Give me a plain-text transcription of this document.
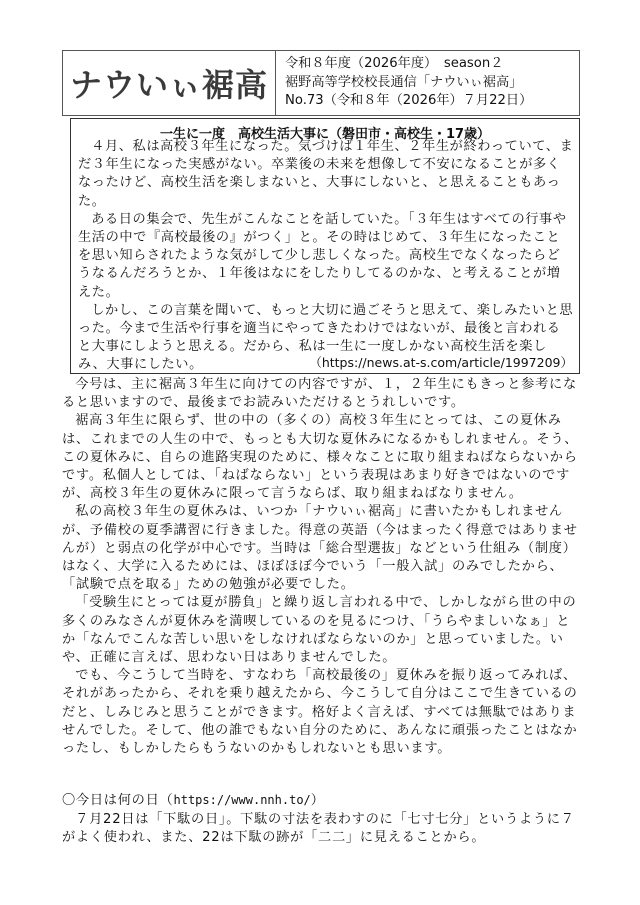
ナウいぃ裾高
令和８年度（2026年度）　season２
裾野高等学校校長通信「ナウいぃ裾高」
No.73（令和８年（2026年）７月22日）
一生に一度　高校生活大事に（磐田市・高校生・17歳）

４月、私は高校３年生になった。気づけば１年生、２年生が終わっていて、まだ３年生になった実感がない。卒業後の未来を想像して不安になることが多くなったけど、高校生活を楽しまないと、大事にしないと、と思えることもあった。

ある日の集会で、先生がこんなことを話していた。「３年生はすべての行事や生活の中で『高校最後の』がつく」と。その時はじめて、３年生になったことを思い知らされたような気がして少し悲しくなった。高校生でなくなったらどうなるんだろうとか、１年後はなにをしたりしてるのかな、と考えることが増えた。

しかし、この言葉を聞いて、もっと大切に過ごそうと思えて、楽しみたいと思った。今まで生活や行事を適当にやってきたわけではないが、最後と言われると大事にしようと思える。だから、私は一生に一度しかない高校生活を楽しみ、大事にしたい。	（https://news.at-s.com/article/1997209）

今号は、主に裾高３年生に向けての内容ですが、１，２年生にもきっと参考になると思いますので、最後までお読みいただけるとうれしいです。

裾高３年生に限らず、世の中の（多くの）高校３年生にとっては、この夏休みは、これまでの人生の中で、もっとも大切な夏休みになるかもしれません。そう、この夏休みに、自らの進路実現のために、様々なことに取り組まねばならないからです。私個人としては、「ねばならない」という表現はあまり好きではないのですが、高校３年生の夏休みに限って言うならば、取り組まねばなりません。

私の高校３年生の夏休みは、いつか「ナウいぃ裾高」に書いたかもしれませんが、予備校の夏季講習に行きました。得意の英語（今はまったく得意ではありませんが）と弱点の化学が中心です。当時は「総合型選抜」などという仕組み（制度）はなく、大学に入るためには、ほぼほぼ今でいう「一般入試」のみでしたから、「試験で点を取る」ための勉強が必要でした。

「受験生にとっては夏が勝負」と繰り返し言われる中で、しかしながら世の中の多くのみなさんが夏休みを満喫しているのを見るにつけ、「うらやましいなぁ」とか「なんでこんな苦しい思いをしなければならないのか」と思っていました。いや、正確に言えば、思わない日はありませんでした。

でも、今こうして当時を、すなわち「高校最後の」夏休みを振り返ってみれば、それがあったから、それを乗り越えたから、今こうして自分はここで生きているのだと、しみじみと思うことができます。格好よく言えば、すべては無駄ではありませんでした。そして、他の誰でもない自分のために、あんなに頑張ったことはなかったし、もしかしたらもうないのかもしれないとも思います。

〇今日は何の日（https://www.nnh.to/）

７月22日は「下駄の日」。下駄の寸法を表わすのに「七寸七分」というように７がよく使われ、また、22は下駄の跡が「二二」に見えることから。
